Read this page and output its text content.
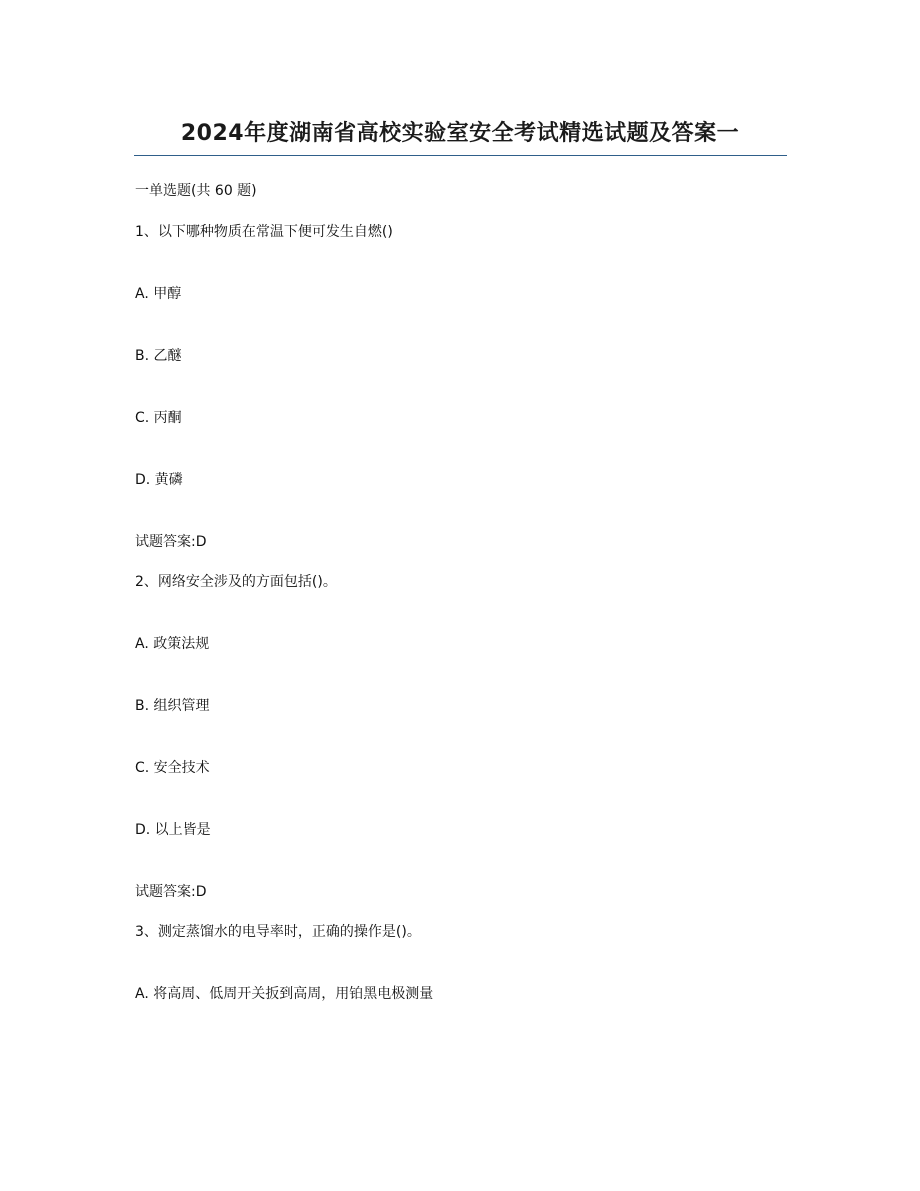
2024年度湖南省高校实验室安全考试精选试题及答案一
一单选题(共 60 题)
1、以下哪种物质在常温下便可发生自燃()
A. 甲醇
B. 乙醚
C. 丙酮
D. 黄磷
试题答案:D
2、网络安全涉及的方面包括()。
A. 政策法规
B. 组织管理
C. 安全技术
D. 以上皆是
试题答案:D
3、测定蒸馏水的电导率时，正确的操作是()。
A. 将高周、低周开关扳到高周，用铂黑电极测量
